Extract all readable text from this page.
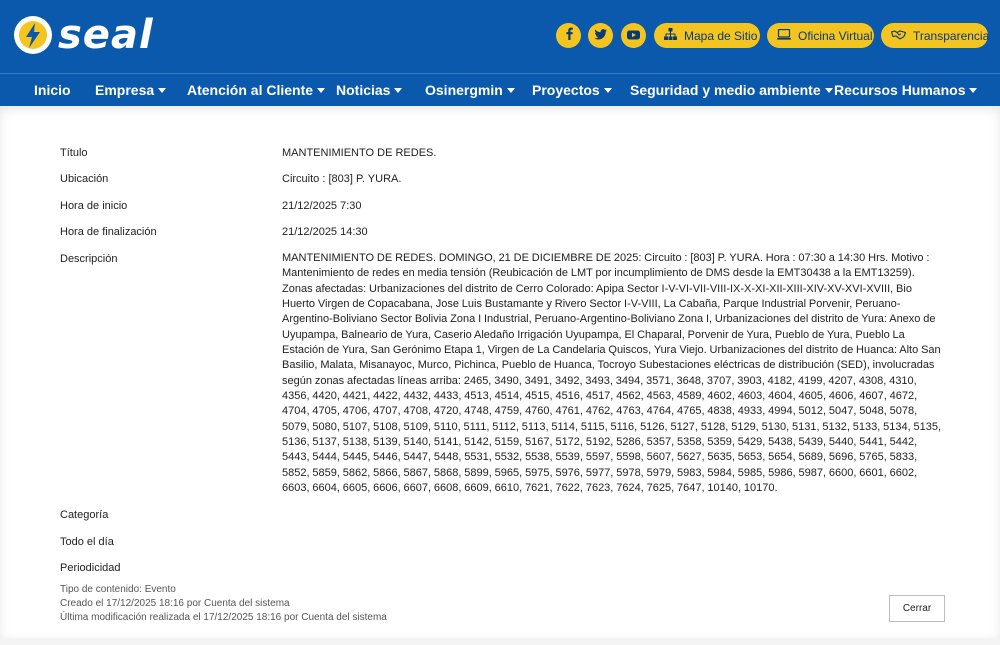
seal	Mapa de Sitio	Oficina Virtual	Transparencia
Inicio Empresa	Atención al Cliente	Noticias	Osinergmin	Proyectos	Seguridad y medio ambiente Recursos Humanos
Título	MANTENIMIENTO DE REDES.
Ubicación	Circuito : [803] P. YURA.
Hora de inicio	21/12/2025 7:30
Hora de finalización	21/12/2025 14:30
Descripción	MANTENIMIENTO DE REDES. DOMINGO, 21 DE DICIEMBRE DE 2025: Circuito : [803] P. YURA. Hora : 07:30 a 14:30 Hrs. Motivo : Mantenimiento de redes en media tensión (Reubicación de LMT por incumplimiento de DMS desde la EMT30438 a la EMT13259). Zonas afectadas: Urbanizaciones del distrito de Cerro Colorado: Apipa Sector I-V-VI-VII-VIII-IX-X-XI-XII-XIII-XIV-XV-XVI-XVIII, Bio Huerto Virgen de Copacabana, Jose Luis Bustamante y Rivero Sector I-V-VIII, La Cabaña, Parque Industrial Porvenir, Peruano-Argentino-Boliviano Sector Bolivia Zona I Industrial, Peruano-Argentino-Boliviano Zona I, Urbanizaciones del distrito de Yura: Anexo de Uyupampa, Balneario de Yura, Caserio Aledaño Irrigación Uyupampa, El Chaparal, Porvenir de Yura, Pueblo de Yura, Pueblo La Estación de Yura, San Gerónimo Etapa 1, Virgen de La Candelaria Quiscos, Yura Viejo. Urbanizaciones del distrito de Huanca: Alto San Basilio, Malata, Misanayoc, Murco, Pichinca, Pueblo de Huanca, Tocroyo Subestaciones eléctricas de distribución (SED), involucradas según zonas afectadas líneas arriba: 2465, 3490, 3491, 3492, 3493, 3494, 3571, 3648, 3707, 3903, 4182, 4199, 4207, 4308, 4310, 4356, 4420, 4421, 4422, 4432, 4433, 4513, 4514, 4515, 4516, 4517, 4562, 4563, 4589, 4602, 4603, 4604, 4605, 4606, 4607, 4672, 4704, 4705, 4706, 4707, 4708, 4720, 4748, 4759, 4760, 4761, 4762, 4763, 4764, 4765, 4838, 4933, 4994, 5012, 5047, 5048, 5078, 5079, 5080, 5107, 5108, 5109, 5110, 5111, 5112, 5113, 5114, 5115, 5116, 5126, 5127, 5128, 5129, 5130, 5131, 5132, 5133, 5134, 5135, 5136, 5137, 5138, 5139, 5140, 5141, 5142, 5159, 5167, 5172, 5192, 5286, 5357, 5358, 5359, 5429, 5438, 5439, 5440, 5441, 5442, 5443, 5444, 5445, 5446, 5447, 5448, 5531, 5532, 5538, 5539, 5597, 5598, 5607, 5627, 5635, 5653, 5654, 5689, 5696, 5765, 5833, 5852, 5859, 5862, 5866, 5867, 5868, 5899, 5965, 5975, 5976, 5977, 5978, 5979, 5983, 5984, 5985, 5986, 5987, 6600, 6601, 6602, 6603, 6604, 6605, 6606, 6607, 6608, 6609, 6610, 7621, 7622, 7623, 7624, 7625, 7647, 10140, 10170.
Categoría
Todo el día
Periodicidad
Tipo de contenido: Evento
Creado el 17/12/2025 18:16 por Cuenta del sistema
Última modificación realizada el 17/12/2025 18:16 por Cuenta del sistema
Cerrar
